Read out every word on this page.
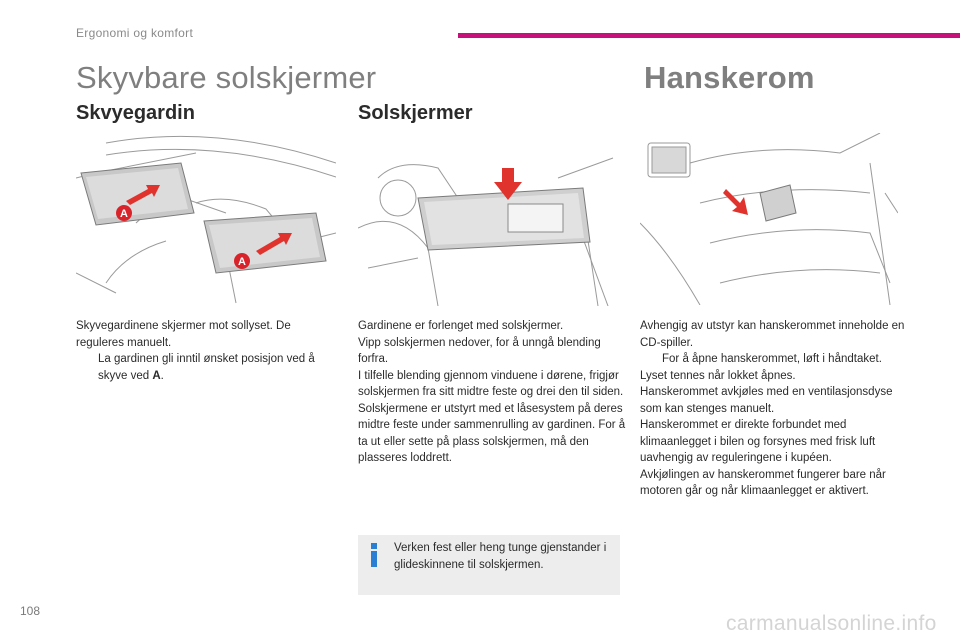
Ergonomi og komfort
Skyvbare solskjermer	Hanskerom
Skvyegardin	Solskjermer
A
A

Skyvegardinene skjermer mot sollyset. De reguleres manuelt.

La gardinen gli inntil ønsket posisjon ved å skyve ved A.

Gardinene er forlenget med solskjermer.

Vipp solskjermen nedover, for å unngå blending forfra.

I tilfelle blending gjennom vinduene i dørene, frigjør solskjermen fra sitt midtre feste og drei den til siden.

Solskjermene er utstyrt med et låsesystem på deres midtre feste under sammenrulling av gardinen. For å ta ut eller sette på plass solskjermen, må den plasseres loddrett.

Verken fest eller heng tunge gjenstander i glideskinnene til solskjermen.

Avhengig av utstyr kan hanskerommet inneholde en CD-spiller.

For å åpne hanskerommet, løft i håndtaket.

Lyset tennes når lokket åpnes.

Hanskerommet avkjøles med en ventilasjonsdyse som kan stenges manuelt.

Hanskerommet er direkte forbundet med klimaanlegget i bilen og forsynes med frisk luft uavhengig av reguleringene i kupéen.

Avkjølingen av hanskerommet fungerer bare når motoren går og når klimaanlegget er aktivert.

108
carmanualsonline.info
